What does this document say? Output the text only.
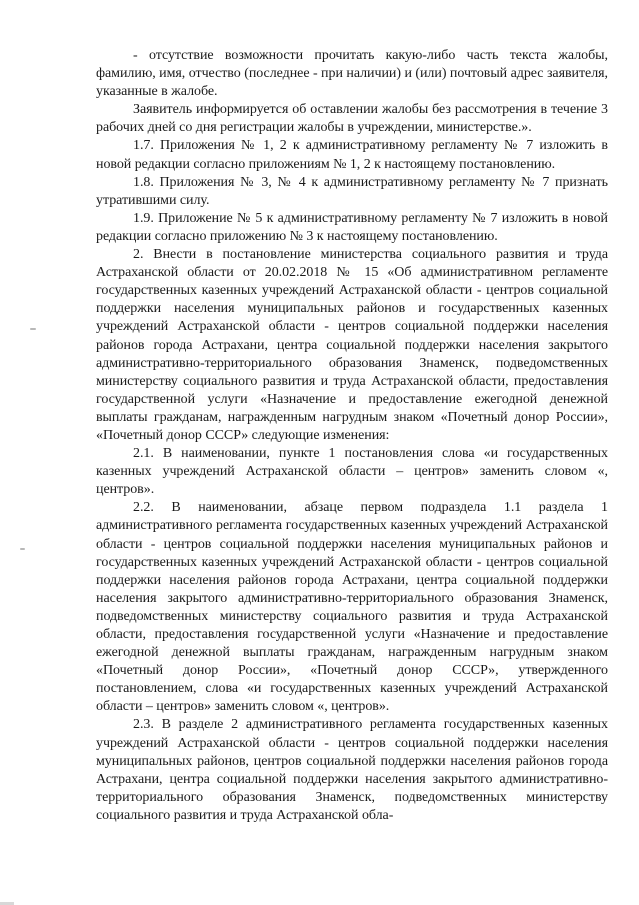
- отсутствие возможности прочитать какую-либо часть текста жалобы, фамилию, имя, отчество (последнее - при наличии) и (или) почтовый адрес заявителя, указанные в жалобе.

Заявитель информируется об оставлении жалобы без рассмотрения в течение 3 рабочих дней со дня регистрации жалобы в учреждении, министерстве.».

1.7. Приложения № 1, 2 к административному регламенту № 7 изложить в новой редакции согласно приложениям № 1, 2 к настоящему постановлению.

1.8. Приложения № 3, № 4 к административному регламенту № 7 признать утратившими силу.

1.9. Приложение № 5 к административному регламенту № 7 изложить в новой редакции согласно приложению № 3 к настоящему постановлению.

2. Внести в постановление министерства социального развития и труда Астраханской области от 20.02.2018 № 15 «Об административном регламенте государственных казенных учреждений Астраханской области - центров социальной поддержки населения муниципальных районов и государственных казенных учреждений Астраханской области - центров социальной поддержки населения районов города Астрахани, центра социальной поддержки населения закрытого административно-территориального образования Знаменск, подведомственных министерству социального развития и труда Астраханской области, предоставления государственной услуги «Назначение и предоставление ежегодной денежной выплаты гражданам, награжденным нагрудным знаком «Почетный донор России», «Почетный донор СССР» следующие изменения:

2.1. В наименовании, пункте 1 постановления слова «и государственных казенных учреждений Астраханской области – центров» заменить словом «, центров».

2.2. В наименовании, абзаце первом подраздела 1.1 раздела 1 административного регламента государственных казенных учреждений Астраханской области - центров социальной поддержки населения муниципальных районов и государственных казенных учреждений Астраханской области - центров социальной поддержки населения районов города Астрахани, центра социальной поддержки населения закрытого административно-территориального образования Знаменск, подведомственных министерству социального развития и труда Астраханской области, предоставления государственной услуги «Назначение и предоставление ежегодной денежной выплаты гражданам, награжденным нагрудным знаком «Почетный донор России», «Почетный донор СССР», утвержденного постановлением, слова «и государственных казенных учреждений Астраханской области – центров» заменить словом «, центров».

2.3. В разделе 2 административного регламента государственных казенных учреждений Астраханской области - центров социальной поддержки населения муниципальных районов, центров социальной поддержки населения районов города Астрахани, центра социальной поддержки населения закрытого административно-территориального образования Знаменск, подведомственных министерству социального развития и труда Астраханской обла-
